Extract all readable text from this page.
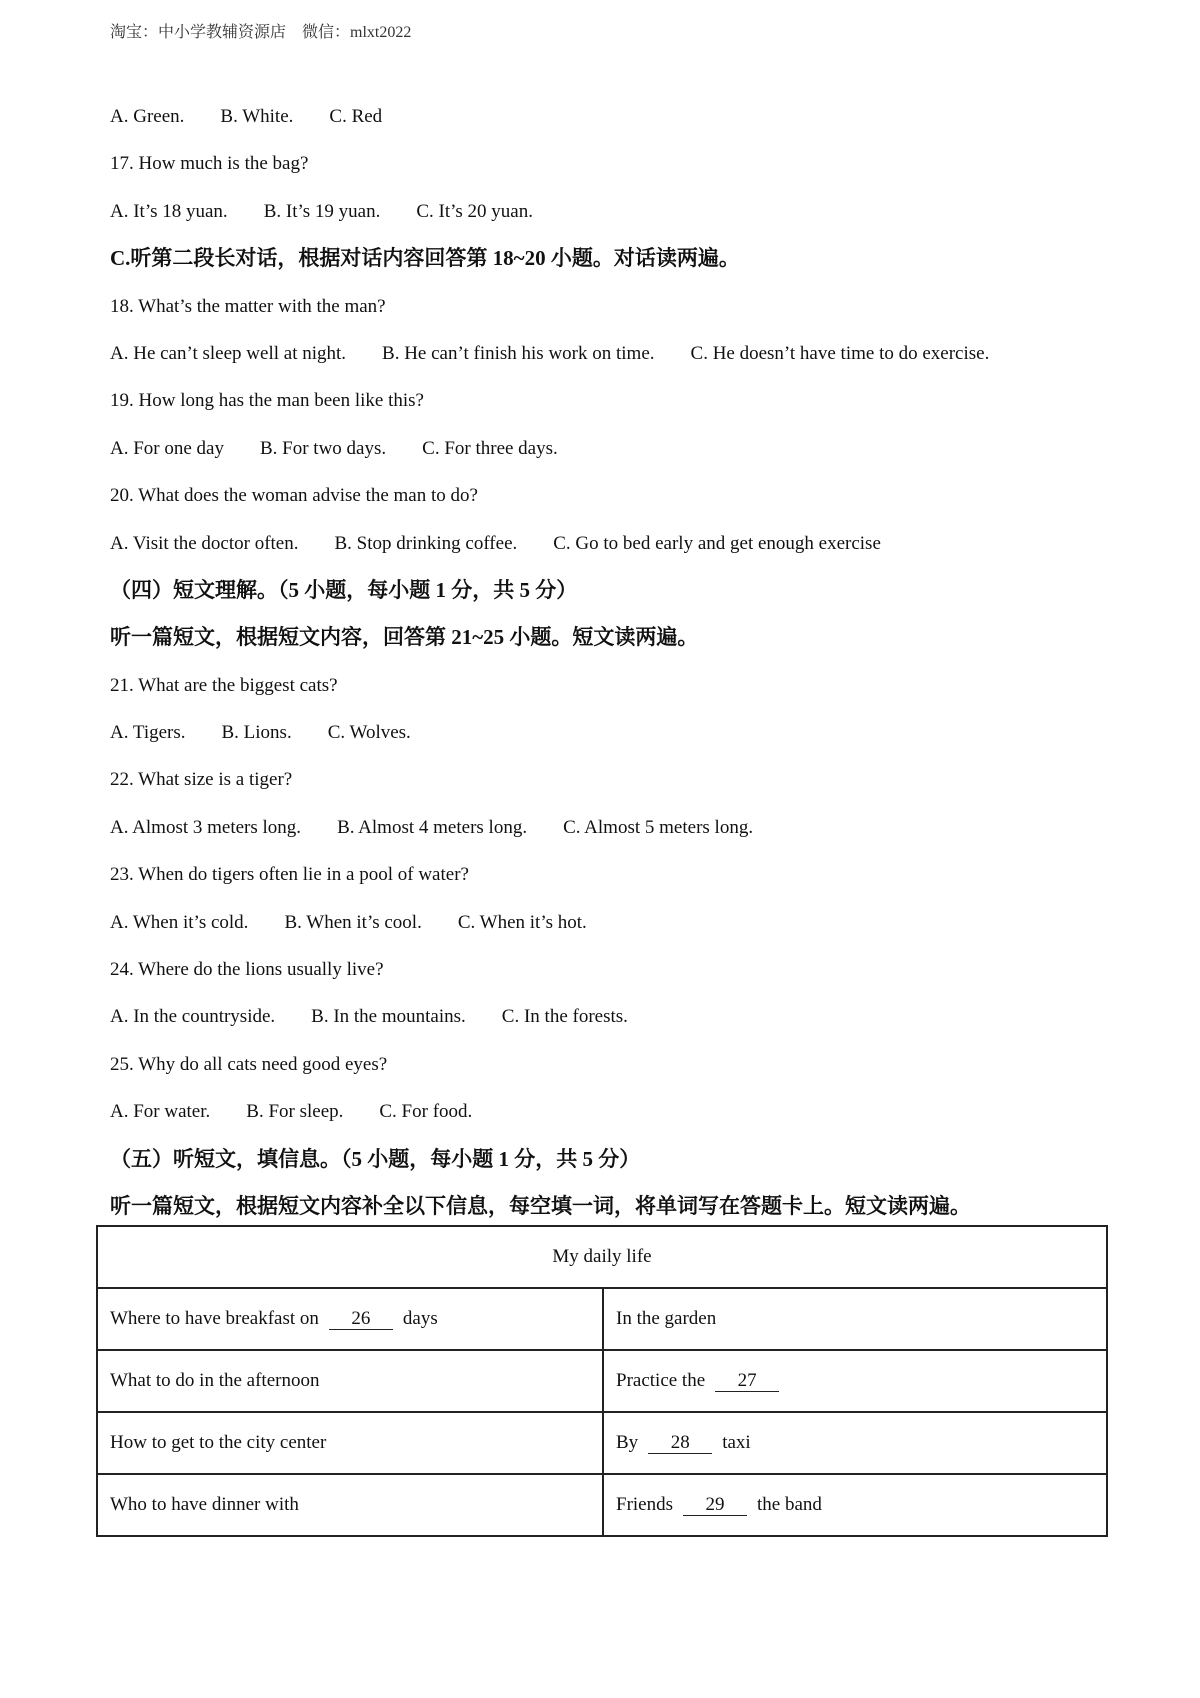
淘宝：中小学教辅资源店　微信：mlxt2022
A. Green. B. White. C. Red
17. How much is the bag?
A. It’s 18 yuan. B. It’s 19 yuan. C. It’s 20 yuan.
C.听第二段长对话，根据对话内容回答第 18~20 小题。对话读两遍。
18. What’s the matter with the man?
A. He can’t sleep well at night. B. He can’t finish his work on time. C. He doesn’t have time to do exercise.
19. How long has the man been like this?
A. For one day B. For two days. C. For three days.
20. What does the woman advise the man to do?
A. Visit the doctor often. B. Stop drinking coffee. C. Go to bed early and get enough exercise
（四）短文理解。（5 小题，每小题 1 分，共 5 分）
听一篇短文，根据短文内容，回答第 21~25 小题。短文读两遍。
21. What are the biggest cats?
A. Tigers. B. Lions. C. Wolves.
22. What size is a tiger?
A. Almost 3 meters long. B. Almost 4 meters long. C. Almost 5 meters long.
23. When do tigers often lie in a pool of water?
A. When it’s cold. B. When it’s cool. C. When it’s hot.
24. Where do the lions usually live?
A. In the countryside. B. In the mountains. C. In the forests.
25. Why do all cats need good eyes?
A. For water. B. For sleep. C. For food.
（五）听短文，填信息。（5 小题，每小题 1 分，共 5 分）
听一篇短文，根据短文内容补全以下信息，每空填一词，将单词写在答题卡上。短文读两遍。
My daily life	
Where to have breakfast on 26 days	In the garden
What to do in the afternoon	Practice the 27
How to get to the city center	By 28 taxi
Who to have dinner with	Friends 29 the band
